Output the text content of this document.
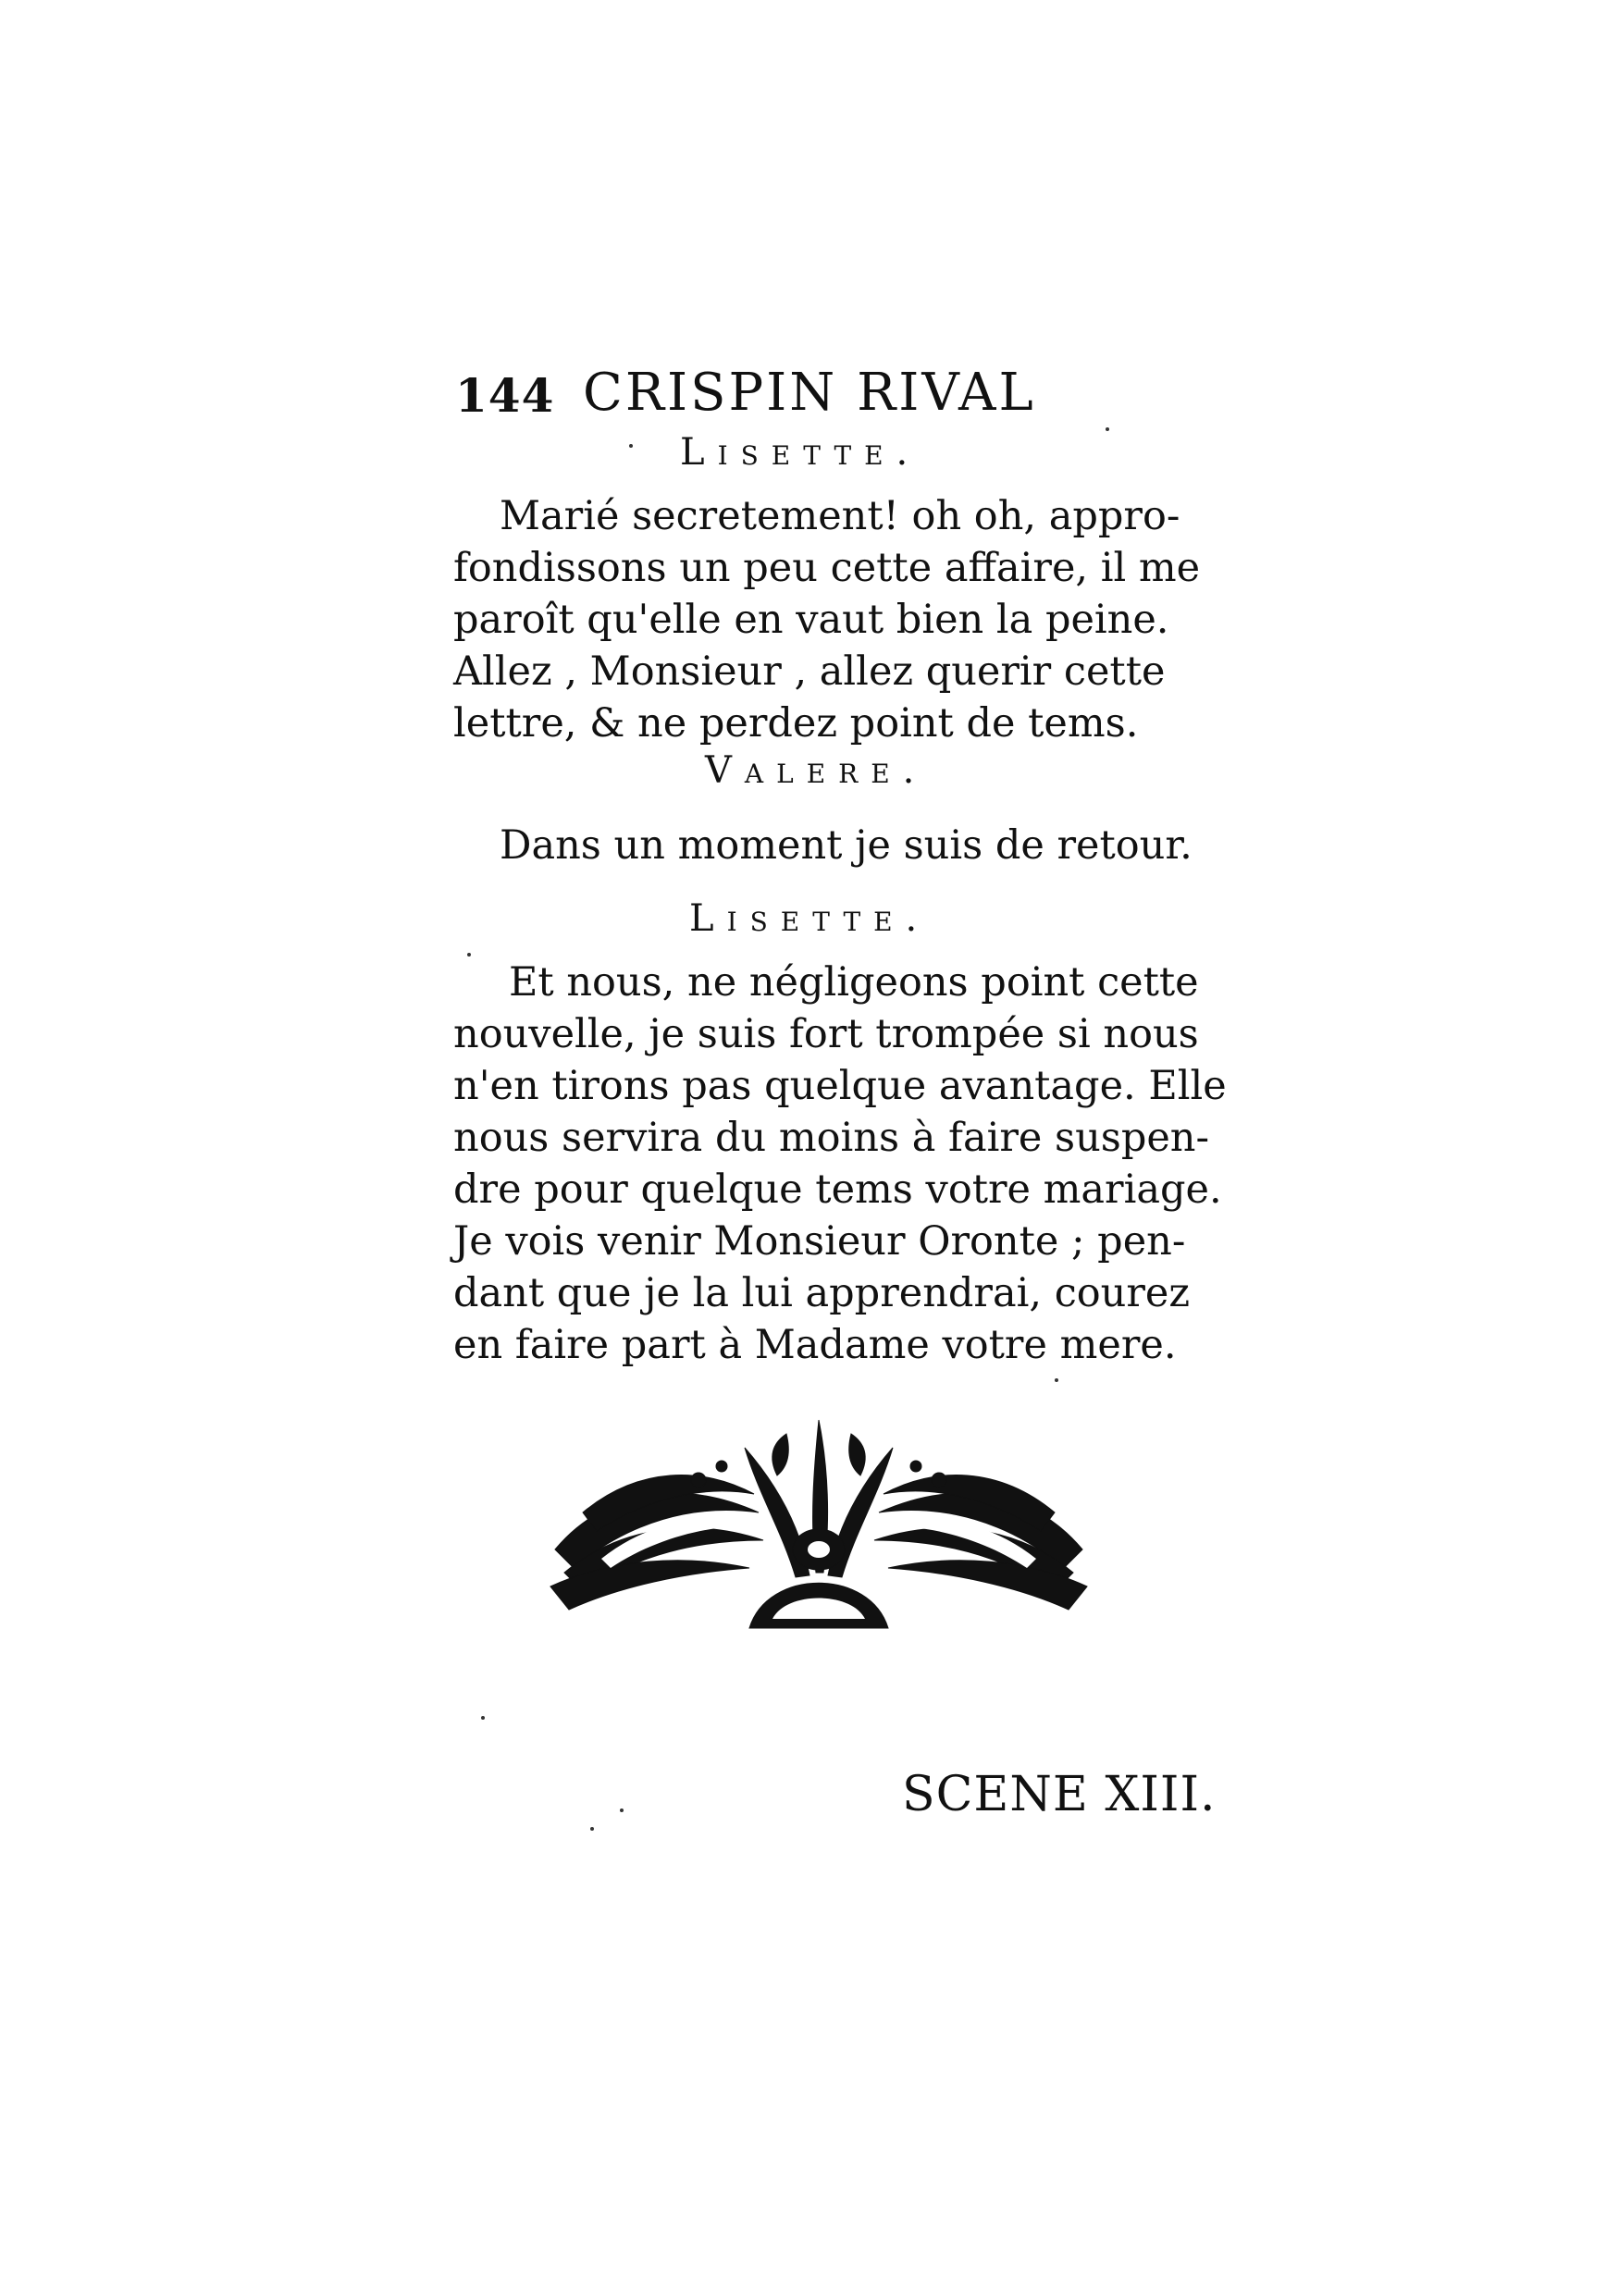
144 CRISPIN RIVAL
Lisette.
Marié secretement! oh oh, appro-
fondissons un peu cette affaire, il me
paroît qu'elle en vaut bien la peine.
Allez , Monsieur , allez querir cette
lettre, & ne perdez point de tems.
Valere.
Dans un moment je suis de retour.
Lisette.
Et nous, ne négligeons point cette
nouvelle, je suis fort trompée si nous
n'en tirons pas quelque avantage. Elle
nous servira du moins à faire suspen-
dre pour quelque tems votre mariage.
Je vois venir Monsieur Oronte ; pen-
dant que je la lui apprendrai, courez
en faire part à Madame votre mere.
SCENE XIII.
